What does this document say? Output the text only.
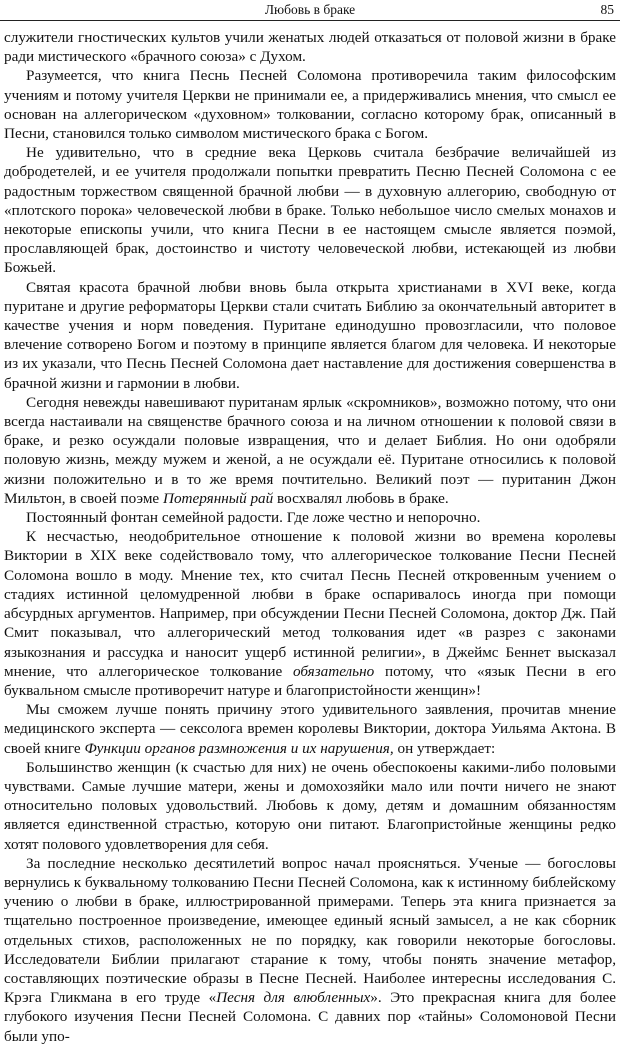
Любовь в браке	85

служители гностических культов учили женатых людей отказаться от половой жизни в браке ради мистического «брачного союза» с Духом.

Разумеется, что книга Песнь Песней Соломона противоречила таким философским учениям и потому учителя Церкви не принимали ее, а придерживались мнения, что смысл ее основан на аллегорическом «духовном» толковании, согласно которому брак, описанный в Песни, становился только символом мистического брака с Богом.

Не удивительно, что в средние века Церковь считала безбрачие величайшей из добродетелей, и ее учителя продолжали попытки превратить Песню Песней Соломона с ее радостным торжеством священной брачной любви — в духовную аллегорию, свободную от «плотского порока» человеческой любви в браке. Только небольшое число смелых монахов и некоторые епископы учили, что книга Песни в ее настоящем смысле является поэмой, прославляющей брак, достоинство и чистоту человеческой любви, истекающей из любви Божьей.

Святая красота брачной любви вновь была открыта христианами в XVI веке, когда пуритане и другие реформаторы Церкви стали считать Библию за окончательный авторитет в качестве учения и норм поведения. Пуритане единодушно провозгласили, что половое влечение сотворено Богом и поэтому в принципе является благом для человека. И некоторые из их указали, что Песнь Песней Соломона дает наставление для достижения совершенства в брачной жизни и гармонии в любви.

Сегодня невежды навешивают пуританам ярлык «скромников», возможно потому, что они всегда настаивали на священстве брачного союза и на личном отношении к половой связи в браке, и резко осуждали половые извращения, что и делает Библия. Но они одобряли половую жизнь, между мужем и женой, а не осуждали её. Пуритане относились к половой жизни положительно и в то же время почтительно. Великий поэт — пуританин Джон Мильтон, в своей поэме Потерянный рай восхвалял любовь в браке.

Постоянный фонтан семейной радости. Где ложе честно и непорочно.

К несчастью, неодобрительное отношение к половой жизни во времена королевы Виктории в XIX веке содействовало тому, что аллегорическое толкование Песни Песней Соломона вошло в моду. Мнение тех, кто считал Песнь Песней откровенным учением о стадиях истинной целомудренной любви в браке оспаривалось иногда при помощи абсурдных аргументов. Например, при обсуждении Песни Песней Соломона, доктор Дж. Пай Смит показывал, что аллегорический метод толкования идет «в разрез с законами языкознания и рассудка и наносит ущерб истинной религии», в Джеймс Беннет высказал мнение, что аллегорическое толкование обязательно потому, что «язык Песни в его буквальном смысле противоречит натуре и благопристойности женщин»!

Мы сможем лучше понять причину этого удивительного заявления, прочитав мнение медицинского эксперта — сексолога времен королевы Виктории, доктора Уильяма Актона. В своей книге Функции органов размножения и их нарушения, он утверждает:

Большинство женщин (к счастью для них) не очень обеспокоены какими-либо половыми чувствами. Самые лучшие матери, жены и домохозяйки мало или почти ничего не знают относительно половых удовольствий. Любовь к дому, детям и домашним обязанностям является единственной страстью, которую они питают. Благопристойные женщины редко хотят полового удовлетворения для себя.

За последние несколько десятилетий вопрос начал проясняться. Ученые — богословы вернулись к буквальному толкованию Песни Песней Соломона, как к истинному библейскому учению о любви в браке, иллюстрированной примерами. Теперь эта книга признается за тщательно построенное произведение, имеющее единый ясный замысел, а не как сборник отдельных стихов, расположенных не по порядку, как говорили некоторые богословы. Исследователи Библии прилагают старание к тому, чтобы понять значение метафор, составляющих поэтические образы в Песне Песней. Наиболее интересны исследования С. Крэга Гликмана в его труде «Песня для влюбленных». Это прекрасная книга для более глубокого изучения Песни Песней Соломона. С давних пор «тайны» Соломоновой Песни были упо-
